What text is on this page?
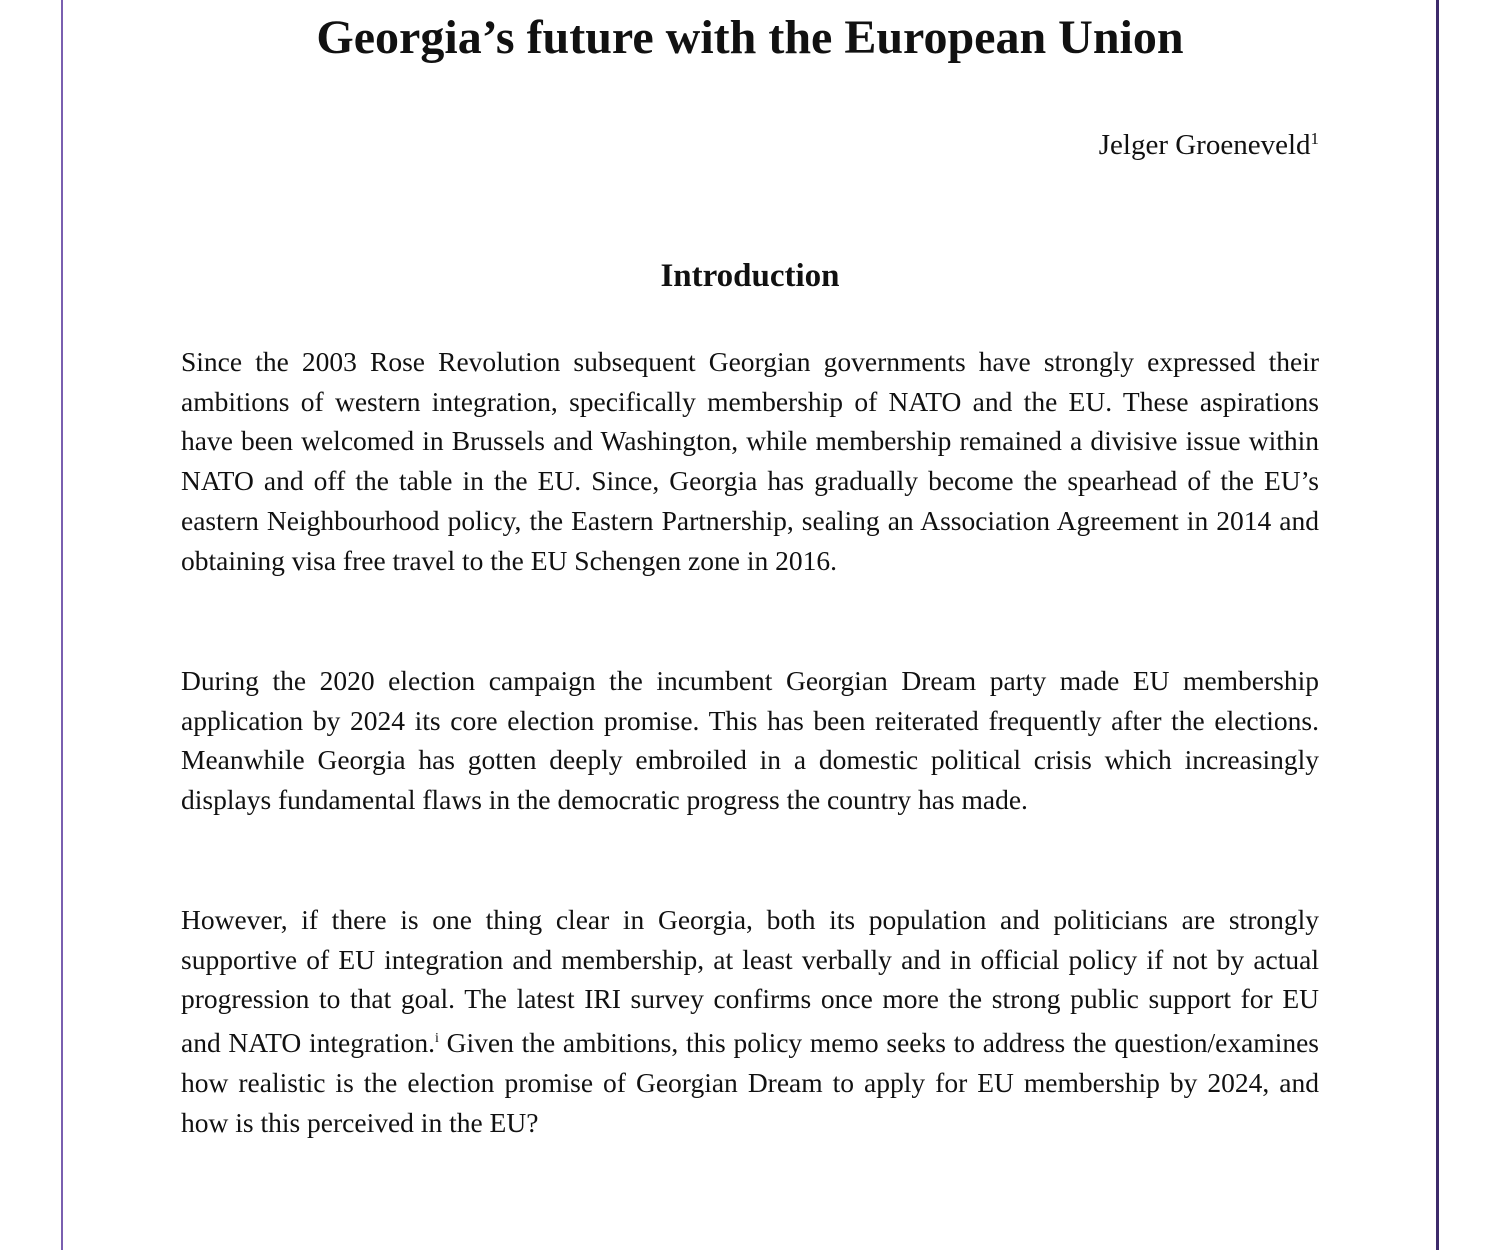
Georgia’s future with the European Union
Jelger Groeneveld$^1$
Introduction

Since the 2003 Rose Revolution subsequent Georgian governments have strongly expressed their ambitions of western integration, specifically membership of NATO and the EU. These aspirations have been welcomed in Brussels and Washington, while membership remained a divisive issue within NATO and off the table in the EU. Since, Georgia has gradually become the spearhead of the EU’s eastern Neighbourhood policy, the Eastern Partnership, sealing an Association Agreement in 2014 and obtaining visa free travel to the EU Schengen zone in 2016.

During the 2020 election campaign the incumbent Georgian Dream party made EU membership application by 2024 its core election promise. This has been reiterated frequently after the elections. Meanwhile Georgia has gotten deeply embroiled in a domestic political crisis which increasingly displays fundamental flaws in the democratic progress the country has made.

However, if there is one thing clear in Georgia, both its population and politicians are strongly supportive of EU integration and membership, at least verbally and in official policy if not by actual progression to that goal. The latest IRI survey confirms once more the strong public support for EU and NATO integration.$^i$ Given the ambitions, this policy memo seeks to address the question/examines how realistic is the election promise of Georgian Dream to apply for EU membership by 2024, and how is this perceived in the EU?
